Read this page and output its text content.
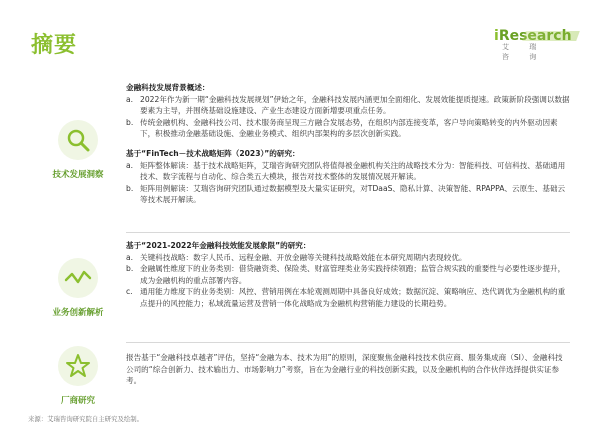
摘要	iResearch
艾 瑞 咨 询
技术发展洞察
金融科技发展背景概述：
a. 2022年作为新一期“金融科技发展规划”伊始之年，金融科技发展内涵更加全面细化、发展效能提质提速。政策新阶段强调以数据要素为主导，并围绕基础设施建设、产业生态建设方面新增要项重点任务。
b. 传统金融机构、金融科技公司、技术服务商呈现三方融合发展态势，在组织内部连接变革，客户导向策略转变的内外驱动因素下，积极推动金融基础设施、金融业务模式、组织内部架构的多层次创新实践。
基于“FinTech－技术战略矩阵（2023）”的研究：
a. 矩阵整体解读：基于技术战略矩阵，艾瑞咨询研究团队将值得被金融机构关注的战略技术分为：智能科技、可信科技、基础通用技术、数字流程与自动化、综合类五大模块，报告对技术整体的发展情况展开解读。
b. 矩阵用例解读：艾瑞咨询研究团队通过数据模型及大量实证研究，对TDaaS、隐私计算、决策智能、RPAPPA、云原生、基础云等技术展开解读。
业务创新解析
基于“2021-2022年金融科技效能发展象限”的研究：
a. 关键科技战略：数字人民币、远程金融、开放金融等关键科技战略效能在本研究周期内表现较优。
b. 金融属性维度下的业务类别：借贷融资类、保险类、财富管理类业务实践持续领跑；监管合规实践的重要性与必要性逐步提升，成为金融机构的重点部署内容。
c. 通用能力维度下的业务类别：风控、营销用例在本轮观测周期中具备良好成效；数据沉淀、策略响应、迭代调优为金融机构的重点提升的风控能力；私域流量运营及营销一体化战略成为金融机构营销能力建设的长期趋势。
厂商研究
报告基于“金融科技卓越者”评估，坚持“金融为本、技术为用”的原则，深度聚焦金融科技技术供应商、服务集成商（SI）、金融科技公司的“综合创新力、技术输出力、市场影响力”考察，旨在为金融行业的科技创新实践，以及金融机构的合作伙伴选择提供实证参考。
来源：艾瑞咨询研究院自主研究及绘制。
